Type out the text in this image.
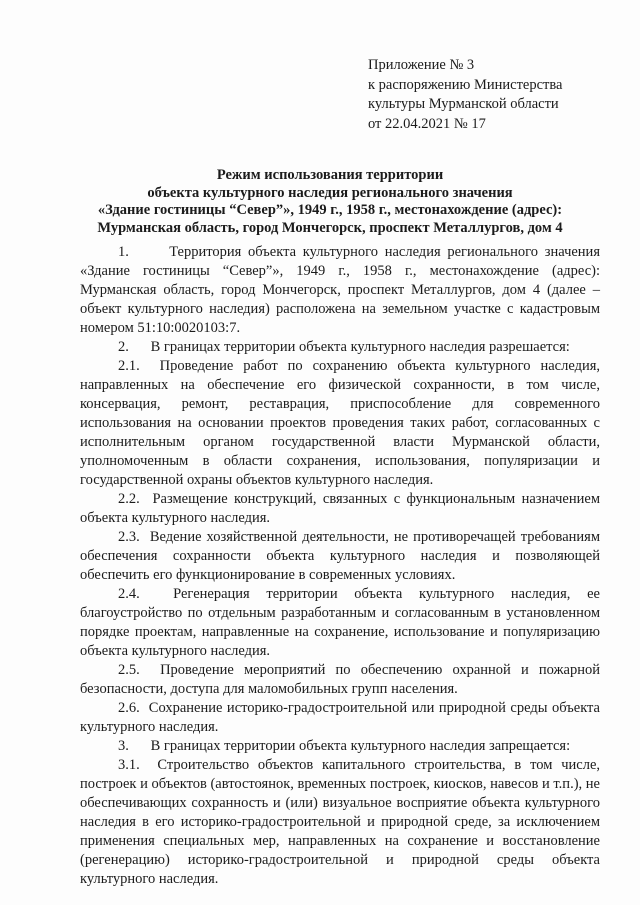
Приложение № 3
к распоряжению Министерства
культуры Мурманской области
от 22.04.2021 № 17
Режим использования территории
объекта культурного наследия регионального значения
«Здание гостиницы “Север”», 1949 г., 1958 г., местонахождение (адрес):
Мурманская область, город Мончегорск, проспект Металлургов, дом 4

1.      Территория объекта культурного наследия регионального значения «Здание гостиницы “Север”», 1949 г., 1958 г., местонахождение (адрес): Мурманская область, город Мончегорск, проспект Металлургов, дом 4 (далее – объект культурного наследия) расположена на земельном участке с кадастровым номером 51:10:0020103:7.

2.      В границах территории объекта культурного наследия разрешается:

2.1.  Проведение работ по сохранению объекта культурного наследия, направленных на обеспечение его физической сохранности, в том числе, консервация, ремонт, реставрация, приспособление для современного использования на основании проектов проведения таких работ, согласованных с исполнительным органом государственной власти Мурманской области, уполномоченным в области сохранения, использования, популяризации и государственной охраны объектов культурного наследия.

2.2.  Размещение конструкций, связанных с функциональным назначением объекта культурного наследия.

2.3.  Ведение хозяйственной деятельности, не противоречащей требованиям обеспечения сохранности объекта культурного наследия и позволяющей обеспечить его функционирование в современных условиях.

2.4.  Регенерация территории объекта культурного наследия, ее благоустройство по отдельным разработанным и согласованным в установленном порядке проектам, направленные на сохранение, использование и популяризацию объекта культурного наследия.

2.5.  Проведение мероприятий по обеспечению охранной и пожарной безопасности, доступа для маломобильных групп населения.

2.6.  Сохранение историко-градостроительной или природной среды объекта культурного наследия.

3.      В границах территории объекта культурного наследия запрещается:

3.1.  Строительство объектов капитального строительства, в том числе, построек и объектов (автостоянок, временных построек, киосков, навесов и т.п.), не обеспечивающих сохранность и (или) визуальное восприятие объекта культурного наследия в его историко-градостроительной и природной среде, за исключением применения специальных мер, направленных на сохранение и восстановление (регенерацию) историко-градостроительной и природной среды объекта культурного наследия.
